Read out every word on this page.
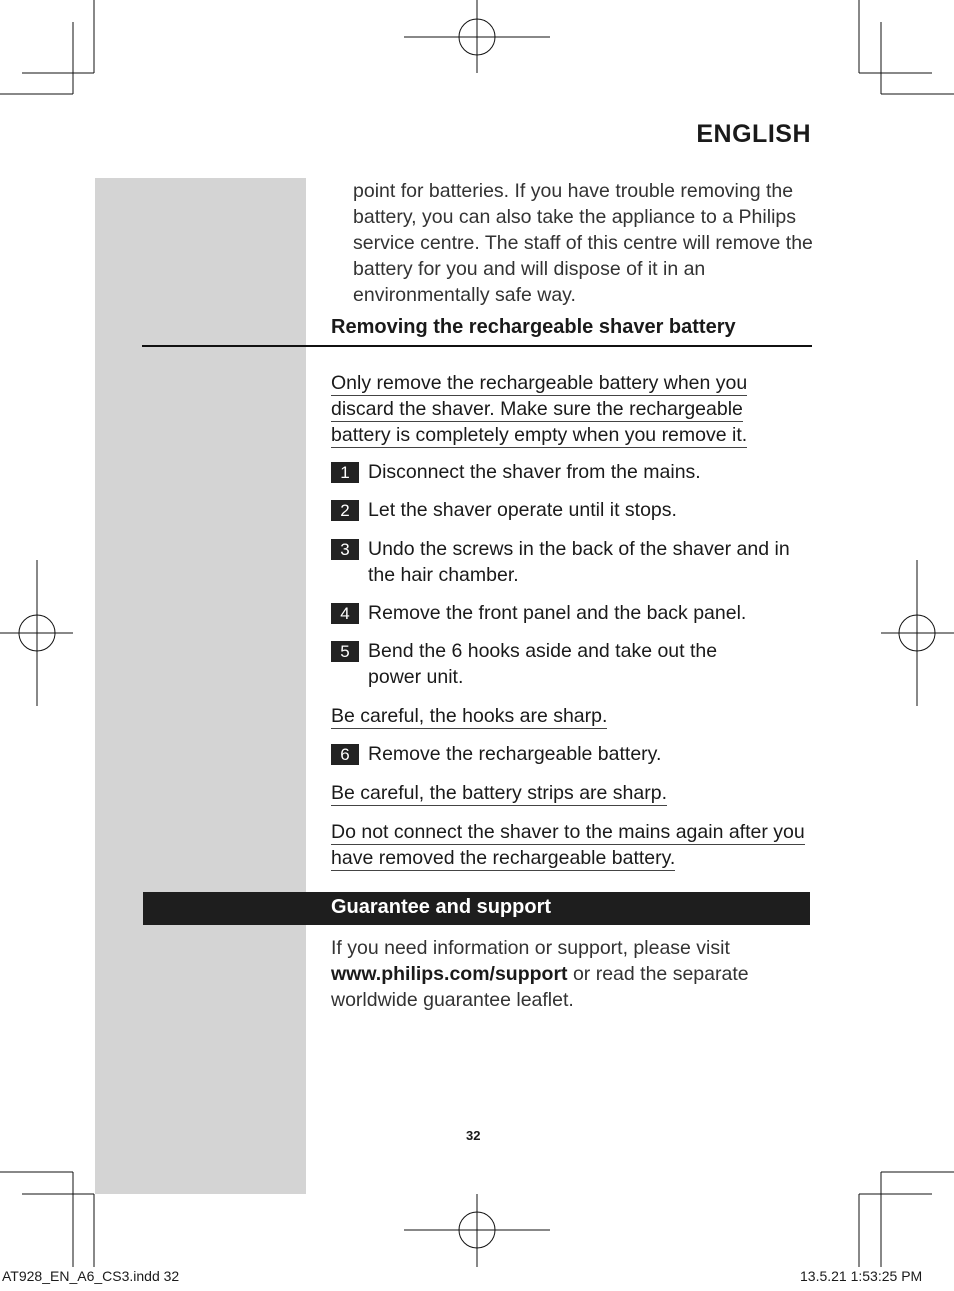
ENGLISH
point for batteries. If you have trouble removing the battery, you can also take the appliance to a Philips service centre. The staff of this centre will remove the battery for you and will dispose of it in an environmentally safe way.
Removing the rechargeable shaver battery
Only remove the rechargeable battery when you discard the shaver. Make sure the rechargeable battery is completely empty when you remove it.
1 Disconnect the shaver from the mains.
2 Let the shaver operate until it stops.
3 Undo the screws in the back of the shaver and in the hair chamber.
4 Remove the front panel and the back panel.
5 Bend the 6 hooks aside and take out the power unit.
Be careful, the hooks are sharp.
6 Remove the rechargeable battery.
Be careful, the battery strips are sharp.
Do not connect the shaver to the mains again after you have removed the rechargeable battery.
Guarantee and support
If you need information or support, please visit www.philips.com/support or read the separate worldwide guarantee leaflet.
32
AT928_EN_A6_CS3.indd 32	13.5.21 1:53:25 PM
